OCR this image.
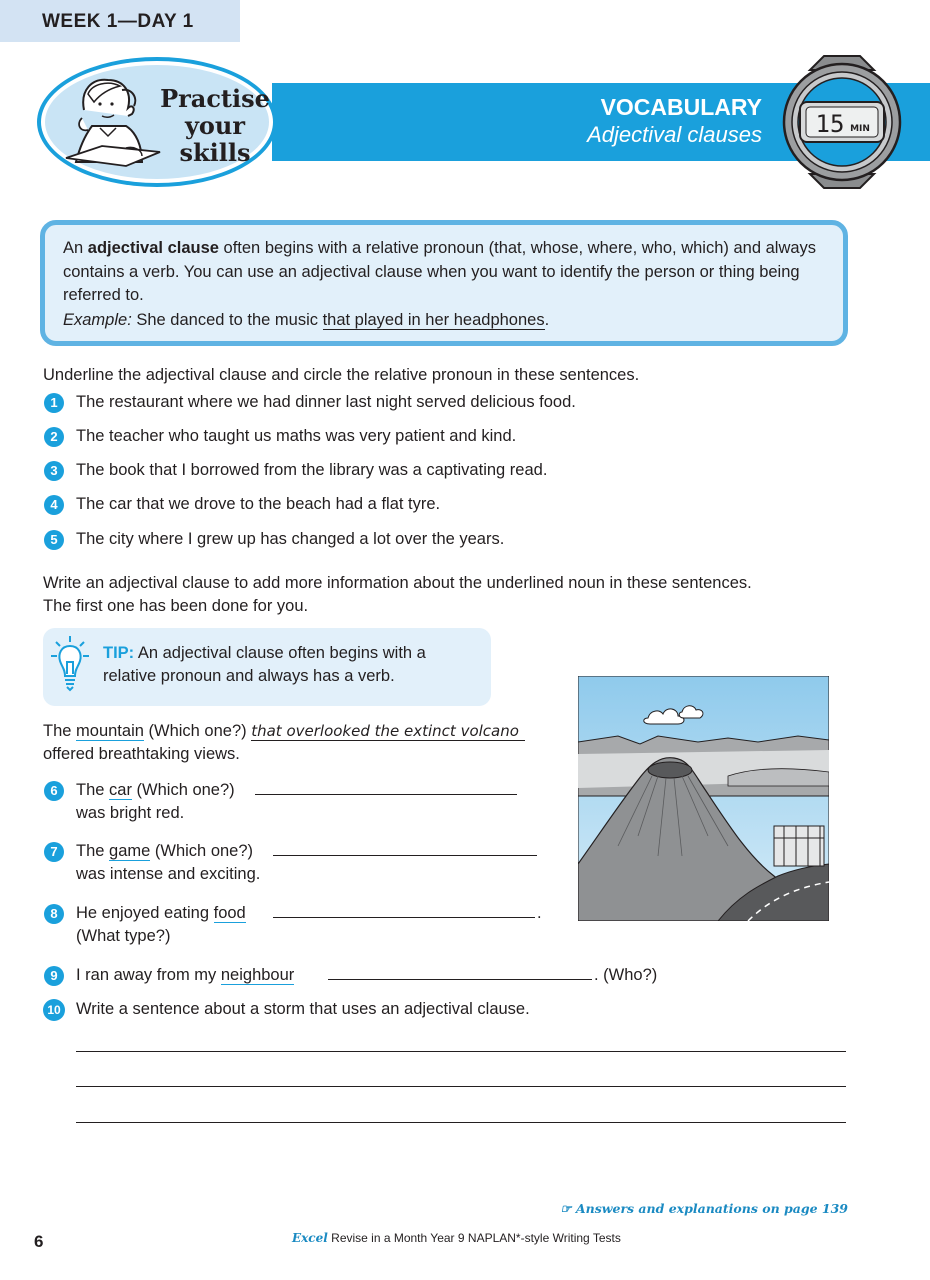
WEEK 1—DAY 1
VOCABULARY
Adjectival clauses 15 MIN
Practise
your
skills
An adjectival clause often begins with a relative pronoun (that, whose, where, who, which) and always contains a verb. You can use an adjectival clause when you want to identify the person or thing being referred to.
Example: She danced to the music that played in her headphones.
Underline the adjectival clause and circle the relative pronoun in these sentences.
1	The restaurant where we had dinner last night served delicious food.
2	The teacher who taught us maths was very patient and kind.
3	The book that I borrowed from the library was a captivating read.
4	The car that we drove to the beach had a flat tyre.
5	The city where I grew up has changed a lot over the years.
Write an adjectival clause to add more information about the underlined noun in these sentences.
The first one has been done for you.
TIP: An adjectival clause often begins with a
relative pronoun and always has a verb.
The mountain (Which one?) that overlooked the extinct volcano
offered breathtaking views.
6	The car (Which one?)
was bright red.
7	The game (Which one?)
was intense and exciting.
8	He enjoyed eating food	.
(What type?)
9	I ran away from my neighbour	. (Who?)
10 Write a sentence about a storm that uses an adjectival clause.
☞ Answers and explanations on page 139
6	Excel Revise in a Month Year 9 NAPLAN*-style Writing Tests
